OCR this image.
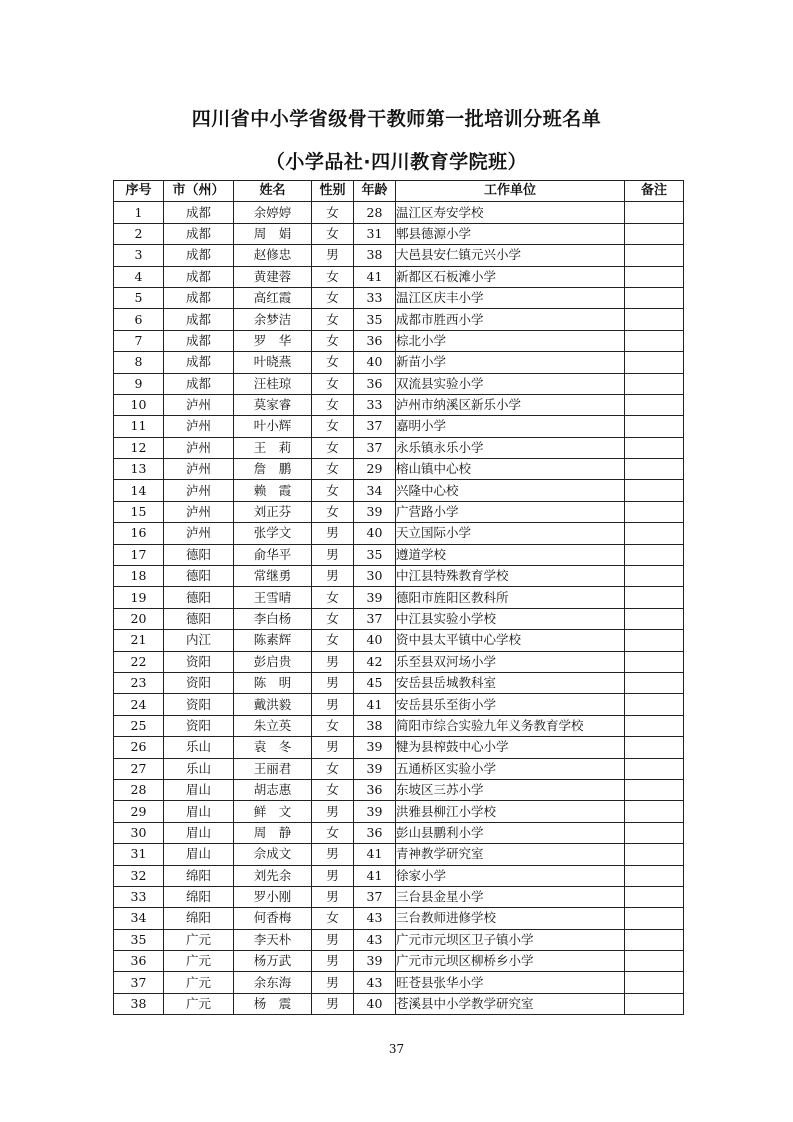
四川省中小学省级骨干教师第一批培训分班名单
（小学品社·四川教育学院班）
序号	市（州）	姓名	性别	年龄	工作单位	备注
1	成都	余婷婷	女	28	温江区寿安学校	
2	成都	周　娟	女	31	郫县德源小学	
3	成都	赵修忠	男	38	大邑县安仁镇元兴小学	
4	成都	黄建蓉	女	41	新都区石板滩小学	
5	成都	高红霞	女	33	温江区庆丰小学	
6	成都	余梦洁	女	35	成都市胜西小学	
7	成都	罗　华	女	36	棕北小学	
8	成都	叶晓燕	女	40	新苗小学	
9	成都	汪桂琼	女	36	双流县实验小学	
10	泸州	莫家睿	女	33	泸州市纳溪区新乐小学	
11	泸州	叶小辉	女	37	嘉明小学	
12	泸州	王　莉	女	37	永乐镇永乐小学	
13	泸州	詹　鹏	女	29	榕山镇中心校	
14	泸州	赖　霞	女	34	兴隆中心校	
15	泸州	刘正芬	女	39	广营路小学	
16	泸州	张学文	男	40	天立国际小学	
17	德阳	俞华平	男	35	遵道学校	
18	德阳	常继勇	男	30	中江县特殊教育学校	
19	德阳	王雪晴	女	39	德阳市旌阳区教科所	
20	德阳	李白杨	女	37	中江县实验小学校	
21	内江	陈素辉	女	40	资中县太平镇中心学校	
22	资阳	彭启贵	男	42	乐至县双河场小学	
23	资阳	陈　明	男	45	安岳县岳城教科室	
24	资阳	戴洪毅	男	41	安岳县乐至街小学	
25	资阳	朱立英	女	38	简阳市综合实验九年义务教育学校	
26	乐山	袁　冬	男	39	犍为县榨鼓中心小学	
27	乐山	王丽君	女	39	五通桥区实验小学	
28	眉山	胡志惠	女	36	东坡区三苏小学	
29	眉山	鲜　文	男	39	洪雅县柳江小学校	
30	眉山	周　静	女	36	彭山县鹏利小学	
31	眉山	佘成文	男	41	青神教学研究室	
32	绵阳	刘先余	男	41	徐家小学	
33	绵阳	罗小刚	男	37	三台县金星小学	
34	绵阳	何香梅	女	43	三台教师进修学校	
35	广元	李天朴	男	43	广元市元坝区卫子镇小学	
36	广元	杨万武	男	39	广元市元坝区柳桥乡小学	
37	广元	余东海	男	43	旺苍县张华小学	
38	广元	杨　震	男	40	苍溪县中小学教学研究室	
37
